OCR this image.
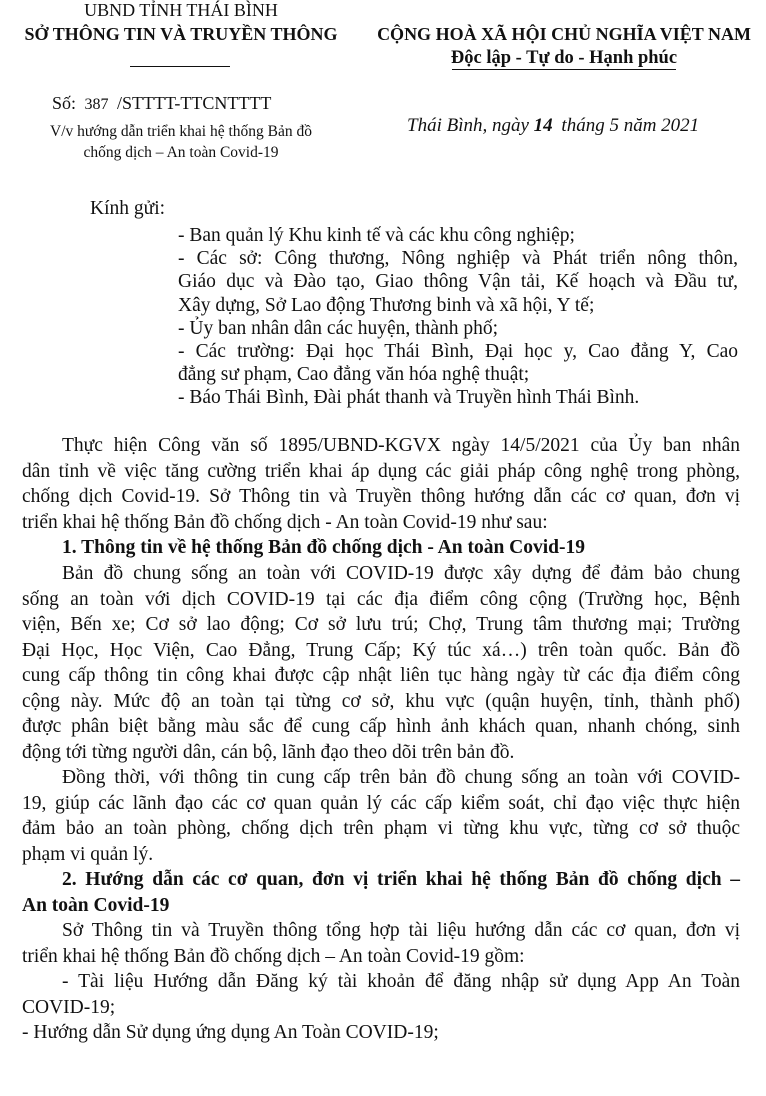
UBND TỈNH THÁI BÌNH
SỞ THÔNG TIN VÀ TRUYỀN THÔNG
Số: 387 /STTTT-TTCNTTTT
V/v hướng dẫn triển khai hệ thống Bản đồ
chống dịch – An toàn Covid-19
CỘNG HOÀ XÃ HỘI CHỦ NGHĨA VIỆT NAM
Độc lập - Tự do - Hạnh phúc
Thái Bình, ngày 14 tháng 5 năm 2021
Kính gửi:
- Ban quản lý Khu kinh tế và các khu công nghiệp;
- Các sở: Công thương, Nông nghiệp và Phát triển nông thôn,
Giáo dục và Đào tạo, Giao thông Vận tải, Kế hoạch và Đầu tư,
Xây dựng, Sở Lao động Thương binh và xã hội, Y tế;
- Ủy ban nhân dân các huyện, thành phố;
- Các trường: Đại học Thái Bình, Đại học y, Cao đẳng Y, Cao
đẳng sư phạm, Cao đẳng văn hóa nghệ thuật;
- Báo Thái Bình, Đài phát thanh và Truyền hình Thái Bình.
Thực hiện Công văn số 1895/UBND-KGVX ngày 14/5/2021 của Ủy ban nhân
dân tỉnh về việc tăng cường triển khai áp dụng các giải pháp công nghệ trong phòng,
chống dịch Covid-19. Sở Thông tin và Truyền thông hướng dẫn các cơ quan, đơn vị
triển khai hệ thống Bản đồ chống dịch - An toàn Covid-19 như sau:
1. Thông tin về hệ thống Bản đồ chống dịch - An toàn Covid-19
Bản đồ chung sống an toàn với COVID-19 được xây dựng để đảm bảo chung
sống an toàn với dịch COVID-19 tại các địa điểm công cộng (Trường học, Bệnh
viện, Bến xe; Cơ sở lao động; Cơ sở lưu trú; Chợ, Trung tâm thương mại; Trường
Đại Học, Học Viện, Cao Đẳng, Trung Cấp; Ký túc xá…) trên toàn quốc. Bản đồ
cung cấp thông tin công khai được cập nhật liên tục hàng ngày từ các địa điểm công
cộng này. Mức độ an toàn tại từng cơ sở, khu vực (quận huyện, tỉnh, thành phố)
được phân biệt bằng màu sắc để cung cấp hình ảnh khách quan, nhanh chóng, sinh
động tới từng người dân, cán bộ, lãnh đạo theo dõi trên bản đồ.
Đồng thời, với thông tin cung cấp trên bản đồ chung sống an toàn với COVID-
19, giúp các lãnh đạo các cơ quan quản lý các cấp kiểm soát, chỉ đạo việc thực hiện
đảm bảo an toàn phòng, chống dịch trên phạm vi từng khu vực, từng cơ sở thuộc
phạm vi quản lý.
2. Hướng dẫn các cơ quan, đơn vị triển khai hệ thống Bản đồ chống dịch –
An toàn Covid-19
Sở Thông tin và Truyền thông tổng hợp tài liệu hướng dẫn các cơ quan, đơn vị
triển khai hệ thống Bản đồ chống dịch – An toàn Covid-19 gồm:
- Tài liệu Hướng dẫn Đăng ký tài khoản để đăng nhập sử dụng App An Toàn
COVID-19;
- Hướng dẫn Sử dụng ứng dụng An Toàn COVID-19;
